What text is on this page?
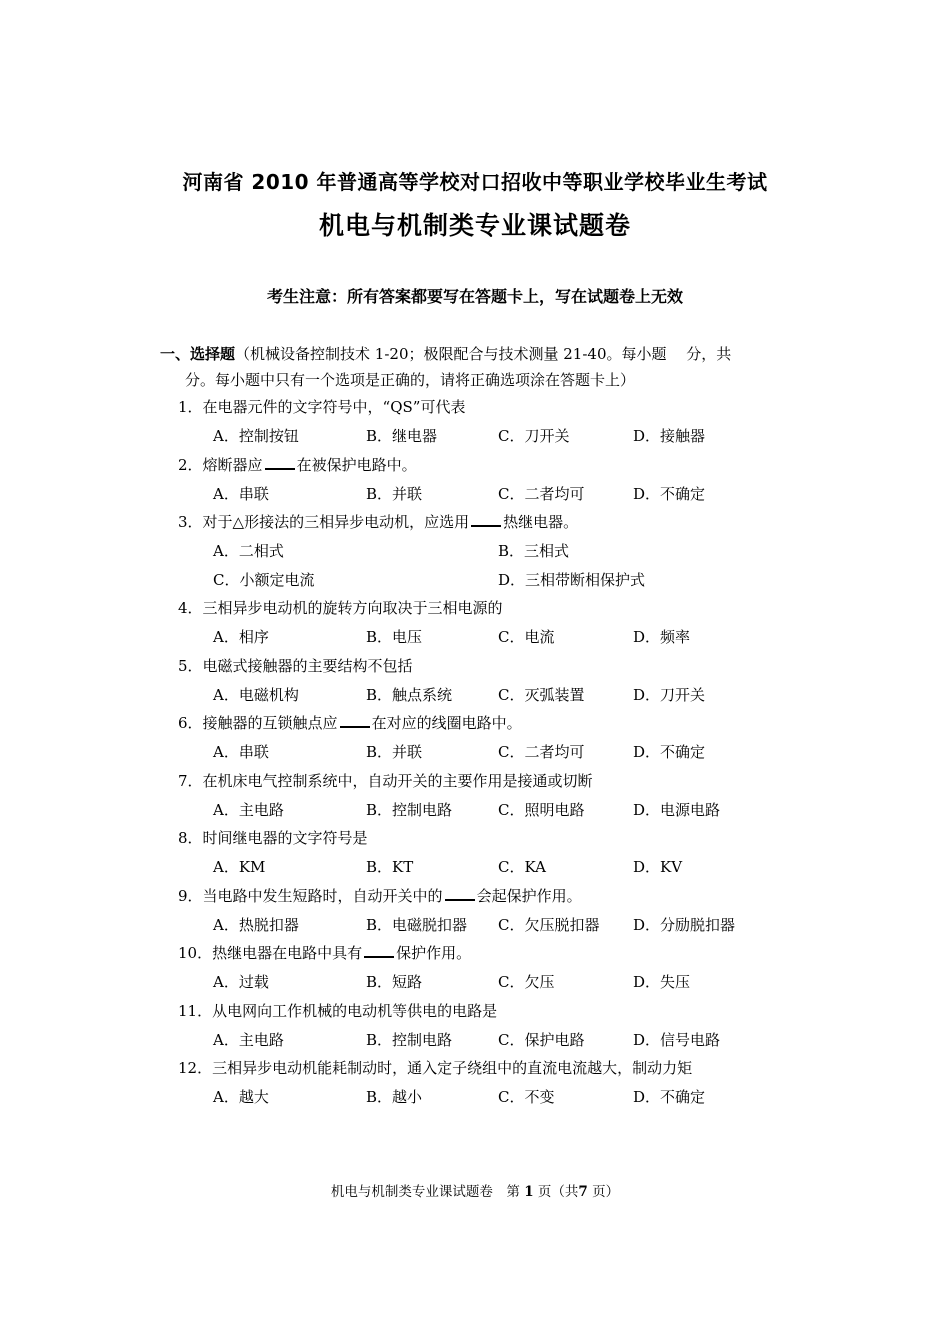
河南省 2010 年普通高等学校对口招收中等职业学校毕业生考试
机电与机制类专业课试题卷
考生注意：所有答案都要写在答题卡上，写在试题卷上无效
一、选择题（机械设备控制技术 1-20；极限配合与技术测量 21-40。每小题　 分，共
分。每小题中只有一个选项是正确的，请将正确选项涂在答题卡上）
1．在电器元件的文字符号中，“QS”可代表
A．控制按钮	B．继电器	C．刀开关	D．接触器
2．熔断器应 在被保护电路中。
A．串联	B．并联	C．二者均可	D．不确定
3．对于△形接法的三相异步电动机，应选用 热继电器。
A．二相式	B．三相式
C．小额定电流	D．三相带断相保护式
4．三相异步电动机的旋转方向取决于三相电源的
A．相序	B．电压	C．电流	D．频率
5．电磁式接触器的主要结构不包括
A．电磁机构	B．触点系统	C．灭弧装置	D．刀开关
6．接触器的互锁触点应 在对应的线圈电路中。
A．串联	B．并联	C．二者均可	D．不确定
7．在机床电气控制系统中，自动开关的主要作用是接通或切断
A．主电路	B．控制电路	C．照明电路	D．电源电路
8．时间继电器的文字符号是
A．KM	B．KT	C．KA	D．KV
9．当电路中发生短路时，自动开关中的 会起保护作用。
A．热脱扣器	B．电磁脱扣器 C．欠压脱扣器 D．分励脱扣器
10．热继电器在电路中具有 保护作用。
A．过载	B．短路	C．欠压	D．失压
11．从电网向工作机械的电动机等供电的电路是
A．主电路	B．控制电路	C．保护电路	D．信号电路
12．三相异步电动机能耗制动时，通入定子绕组中的直流电流越大，制动力矩
A．越大	B．越小	C．不变	D．不确定
机电与机制类专业课试题卷　第 1 页（共7 页）
